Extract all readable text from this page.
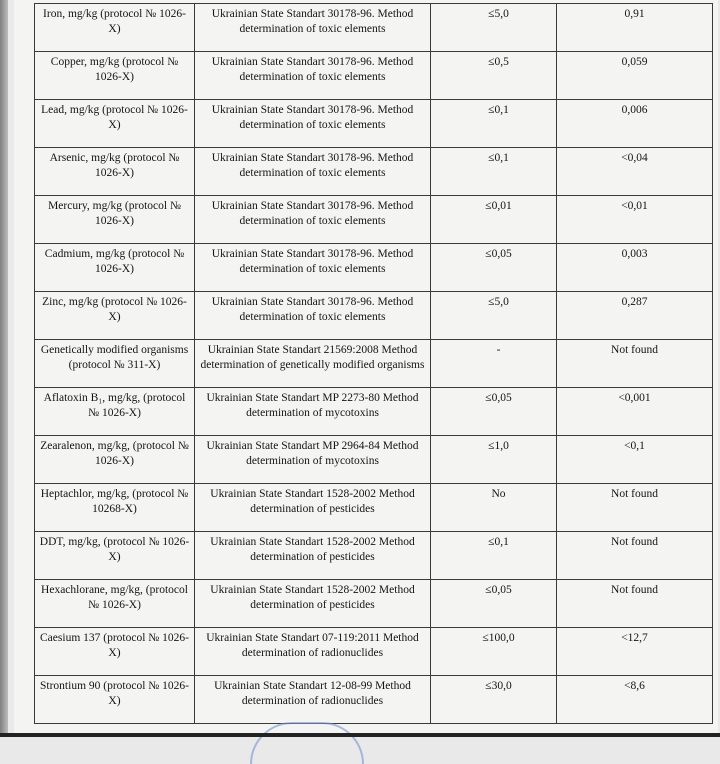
Iron, mg/kg (protocol № 1026-X)	Ukrainian State Standart 30178-96. Method determination of toxic elements	≤5,0	0,91
Copper, mg/kg (protocol № 1026-X)	Ukrainian State Standart 30178-96. Method determination of toxic elements	≤0,5	0,059
Lead, mg/kg (protocol № 1026-X)	Ukrainian State Standart 30178-96. Method determination of toxic elements	≤0,1	0,006
Arsenic, mg/kg (protocol № 1026-X)	Ukrainian State Standart 30178-96. Method determination of toxic elements	≤0,1	<0,04
Mercury, mg/kg (protocol № 1026-X)	Ukrainian State Standart 30178-96. Method determination of toxic elements	≤0,01	<0,01
Cadmium, mg/kg (protocol № 1026-X)	Ukrainian State Standart 30178-96. Method determination of toxic elements	≤0,05	0,003
Zinc, mg/kg (protocol № 1026-X)	Ukrainian State Standart 30178-96. Method determination of toxic elements	≤5,0	0,287
Genetically modified organisms (protocol № 311-X)	Ukrainian State Standart 21569:2008 Method determination of genetically modified organisms	-	Not found
Aflatoxin B₁, mg/kg, (protocol № 1026-X)	Ukrainian State Standart MP 2273-80 Method determination of mycotoxins	≤0,05	<0,001
Zearalenon, mg/kg, (protocol № 1026-X)	Ukrainian State Standart MP 2964-84 Method determination of mycotoxins	≤1,0	<0,1
Heptachlor, mg/kg, (protocol № 10268-X)	Ukrainian State Standart 1528-2002 Method determination of pesticides	No	Not found
DDT, mg/kg, (protocol № 1026-X)	Ukrainian State Standart 1528-2002 Method determination of pesticides	≤0,1	Not found
Hexachlorane, mg/kg, (protocol № 1026-X)	Ukrainian State Standart 1528-2002 Method determination of pesticides	≤0,05	Not found
Caesium 137 (protocol № 1026-X)	Ukrainian State Standart 07-119:2011 Method determination of radionuclides	≤100,0	<12,7
Strontium 90 (protocol № 1026-X)	Ukrainian State Standart 12-08-99 Method determination of radionuclides	≤30,0	<8,6
